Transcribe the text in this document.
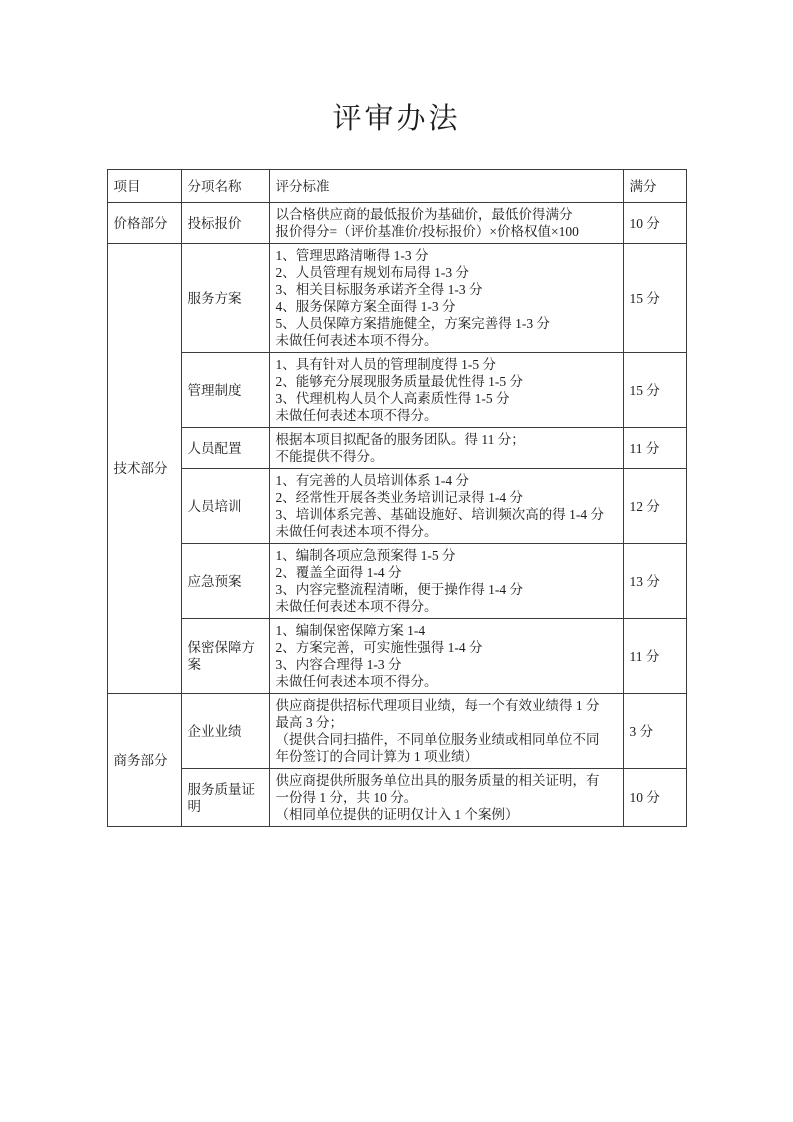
评审办法
项目	分项名称	评分标准	满分
价格部分	投标报价	以合格供应商的最低报价为基础价，最低价得满分
报价得分=（评价基准价/投标报价）×价格权值×100	10 分
技术部分	服务方案	
1、管理思路清晰得 1-3 分
2、人员管理有规划布局得 1-3 分
3、相关目标服务承诺齐全得 1-3 分
4、服务保障方案全面得 1-3 分
5、人员保障方案措施健全，方案完善得 1-3 分
未做任何表述本项不得分。
	15 分
	管理制度	1、具有针对人员的管理制度得 1-5 分
2、能够充分展现服务质量最优性得 1-5 分
3、代理机构人员个人高素质性得 1-5 分
未做任何表述本项不得分。	15 分
	人员配置	根据本项目拟配备的服务团队。得 11 分；
不能提供不得分。	11 分
	人员培训	1、有完善的人员培训体系 1-4 分
2、经常性开展各类业务培训记录得 1-4 分
3、培训体系完善、基础设施好、培训频次高的得 1-4 分
未做任何表述本项不得分。	12 分
	应急预案	1、编制各项应急预案得 1-5 分
2、覆盖全面得 1-4 分
3、内容完整流程清晰，便于操作得 1-4 分
未做任何表述本项不得分。	13 分
	保密保障方案	1、编制保密保障方案 1-4
2、方案完善，可实施性强得 1-4 分
3、内容合理得 1-3 分
未做任何表述本项不得分。	11 分
商务部分	企业业绩	供应商提供招标代理项目业绩，每一个有效业绩得 1 分
最高 3 分；
（提供合同扫描件，不同单位服务业绩或相同单位不同
年份签订的合同计算为 1 项业绩）	3 分
	服务质量证明	供应商提供所服务单位出具的服务质量的相关证明，有
一份得 1 分，共 10 分。
（相同单位提供的证明仅计入 1 个案例）	10 分
